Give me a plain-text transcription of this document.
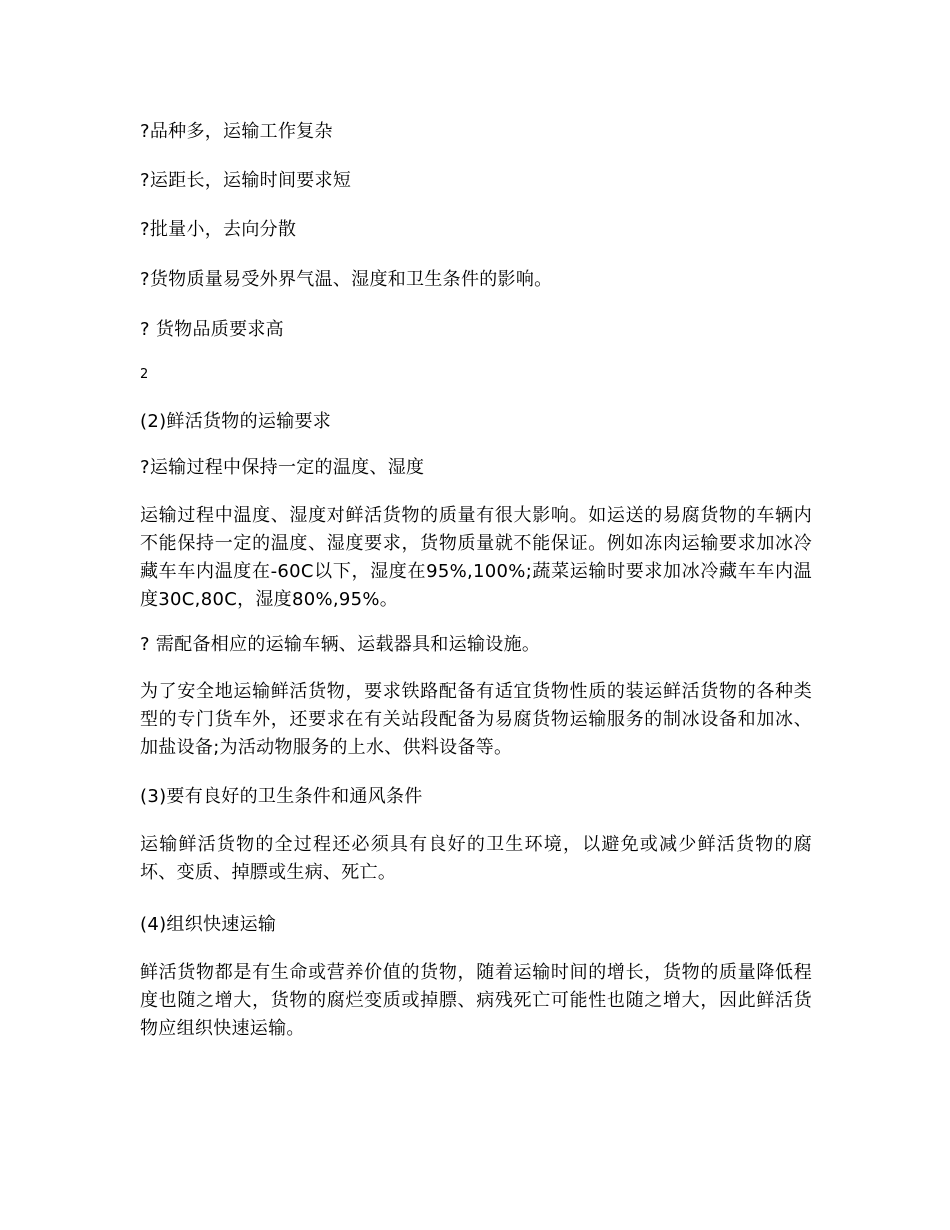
?品种多，运输工作复杂
?运距长，运输时间要求短
?批量小，去向分散
?货物质量易受外界气温、湿度和卫生条件的影响。
? 货物品质要求高
2
(2)鲜活货物的运输要求
?运输过程中保持一定的温度、湿度
运输过程中温度、湿度对鲜活货物的质量有很大影响。如运送的易腐货物的车辆内不能保持一定的温度、湿度要求，货物质量就不能保证。例如冻肉运输要求加冰冷藏车车内温度在-60C以下，湿度在95%,100%;蔬菜运输时要求加冰冷藏车车内温度30C,80C，湿度80%,95%。
? 需配备相应的运输车辆、运载器具和运输设施。
为了安全地运输鲜活货物，要求铁路配备有适宜货物性质的装运鲜活货物的各种类型的专门货车外，还要求在有关站段配备为易腐货物运输服务的制冰设备和加冰、加盐设备;为活动物服务的上水、供料设备等。
(3)要有良好的卫生条件和通风条件
运输鲜活货物的全过程还必须具有良好的卫生环境，以避免或减少鲜活货物的腐坏、变质、掉膘或生病、死亡。
(4)组织快速运输
鲜活货物都是有生命或营养价值的货物，随着运输时间的增长，货物的质量降低程度也随之增大，货物的腐烂变质或掉膘、病残死亡可能性也随之增大，因此鲜活货物应组织快速运输。
